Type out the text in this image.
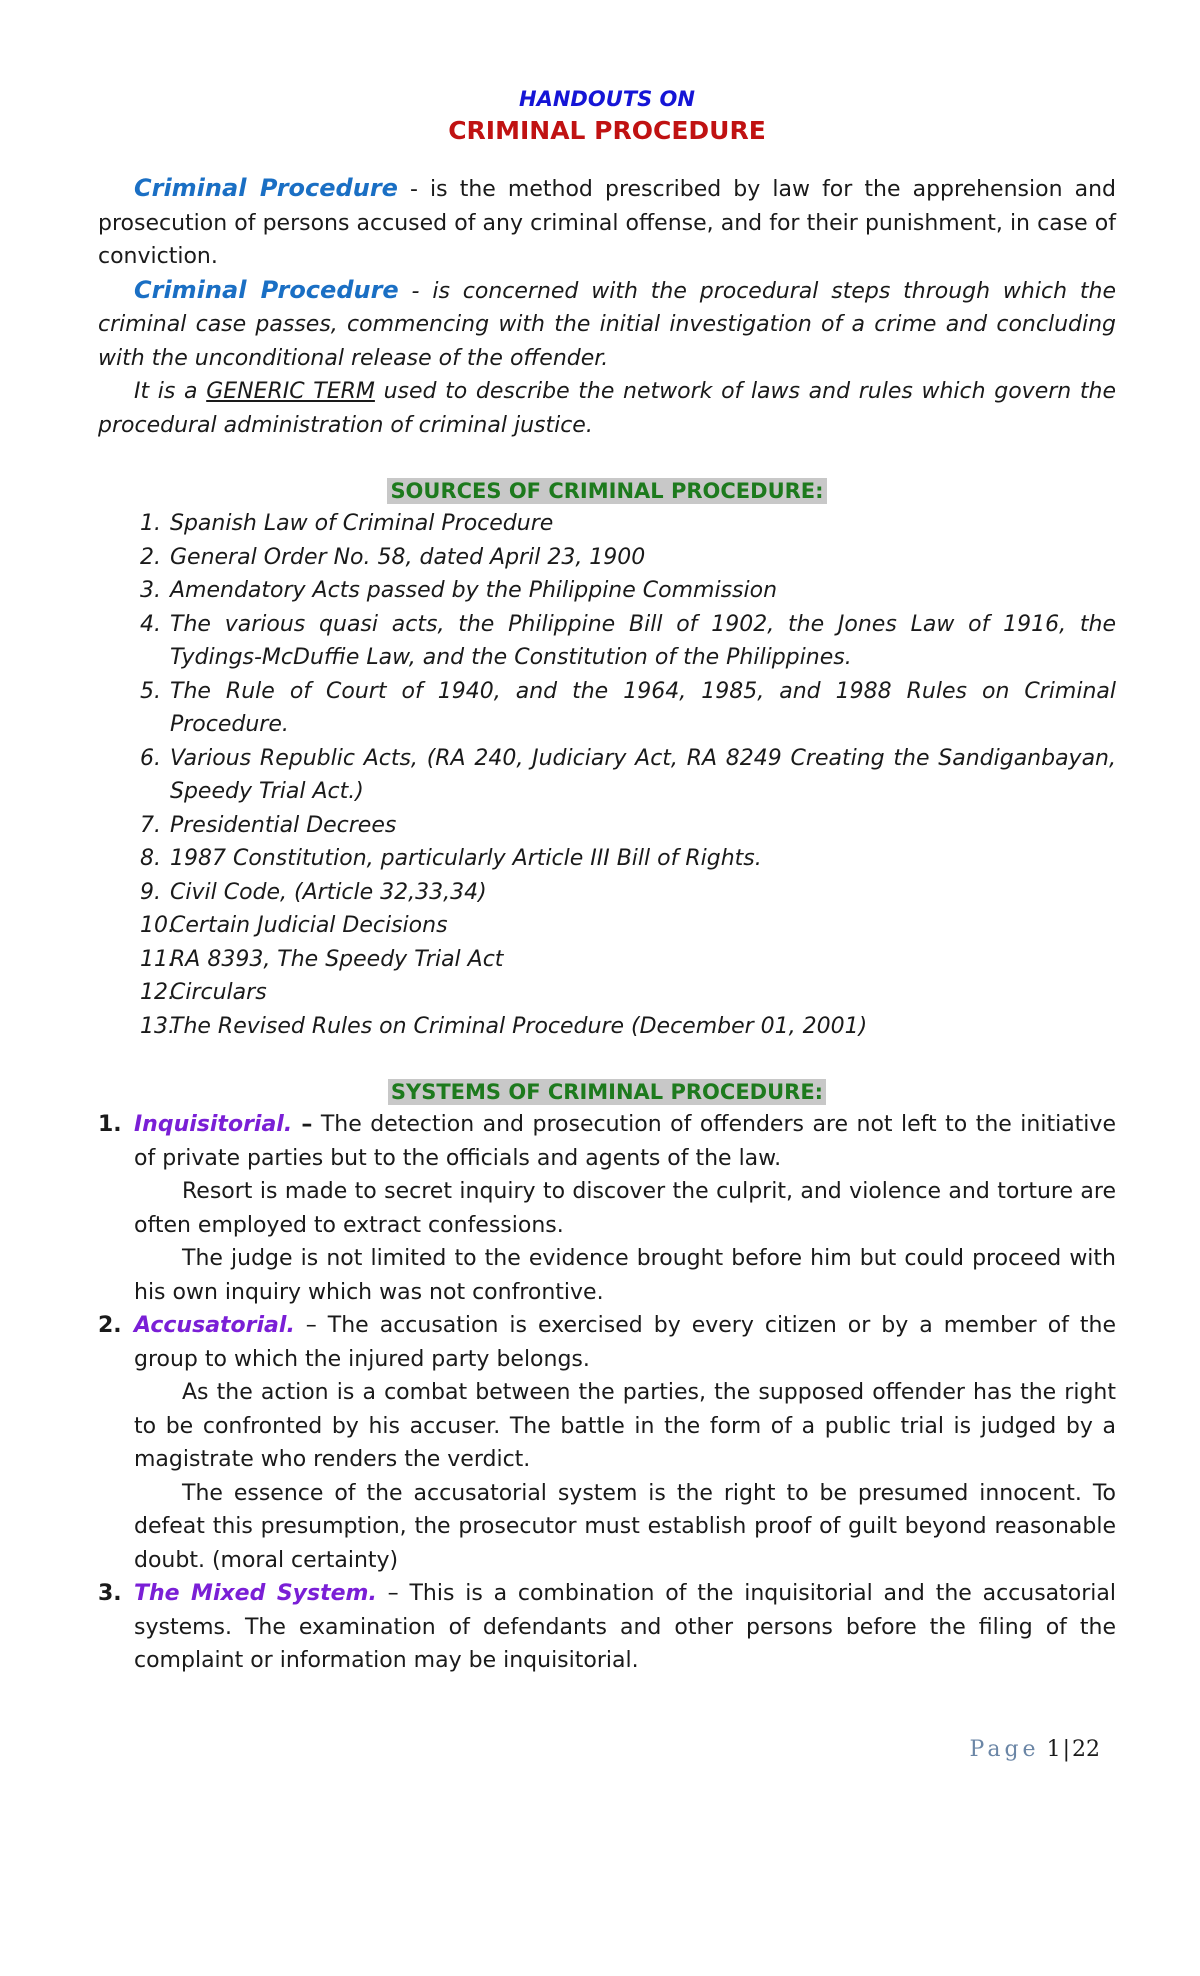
HANDOUTS ON

CRIMINAL PROCEDURE

Criminal Procedure - is the method prescribed by law for the apprehension and prosecution of persons accused of any criminal offense, and for their punishment, in case of conviction.

Criminal Procedure - is concerned with the procedural steps through which the criminal case passes, commencing with the initial investigation of a crime and concluding with the unconditional release of the offender.

It is a GENERIC TERM used to describe the network of laws and rules which govern the procedural administration of criminal justice.

SOURCES OF CRIMINAL PROCEDURE:

1. Spanish Law of Criminal Procedure
2. General Order No. 58, dated April 23, 1900
3. Amendatory Acts passed by the Philippine Commission
4. The various quasi acts, the Philippine Bill of 1902, the Jones Law of 1916, the Tydings-McDuffie Law, and the Constitution of the Philippines.
5. The Rule of Court of 1940, and the 1964, 1985, and 1988 Rules on Criminal Procedure.
6. Various Republic Acts, (RA 240, Judiciary Act, RA 8249 Creating the Sandiganbayan, Speedy Trial Act.)
7. Presidential Decrees
8. 1987 Constitution, particularly Article III Bill of Rights.
9. Civil Code, (Article 32,33,34)
10.
Certain Judicial Decisions
11.
RA 8393, The Speedy Trial Act
12.
Circulars
13.
The Revised Rules on Criminal Procedure (December 01, 2001)

SYSTEMS OF CRIMINAL PROCEDURE:

1. Inquisitorial. – The detection and prosecution of offenders are not left to the initiative of private parties but to the officials and agents of the law.

Resort is made to secret inquiry to discover the culprit, and violence and torture are often employed to extract confessions.

The judge is not limited to the evidence brought before him but could proceed with his own inquiry which was not confrontive.

2. Accusatorial. – The accusation is exercised by every citizen or by a member of the group to which the injured party belongs.

As the action is a combat between the parties, the supposed offender has the right to be confronted by his accuser. The battle in the form of a public trial is judged by a magistrate who renders the verdict.

The essence of the accusatorial system is the right to be presumed innocent. To defeat this presumption, the prosecutor must establish proof of guilt beyond reasonable doubt. (moral certainty)

3. The Mixed System. – This is a combination of the inquisitorial and the accusatorial systems. The examination of defendants and other persons before the filing of the complaint or information may be inquisitorial.

Page 1|22
